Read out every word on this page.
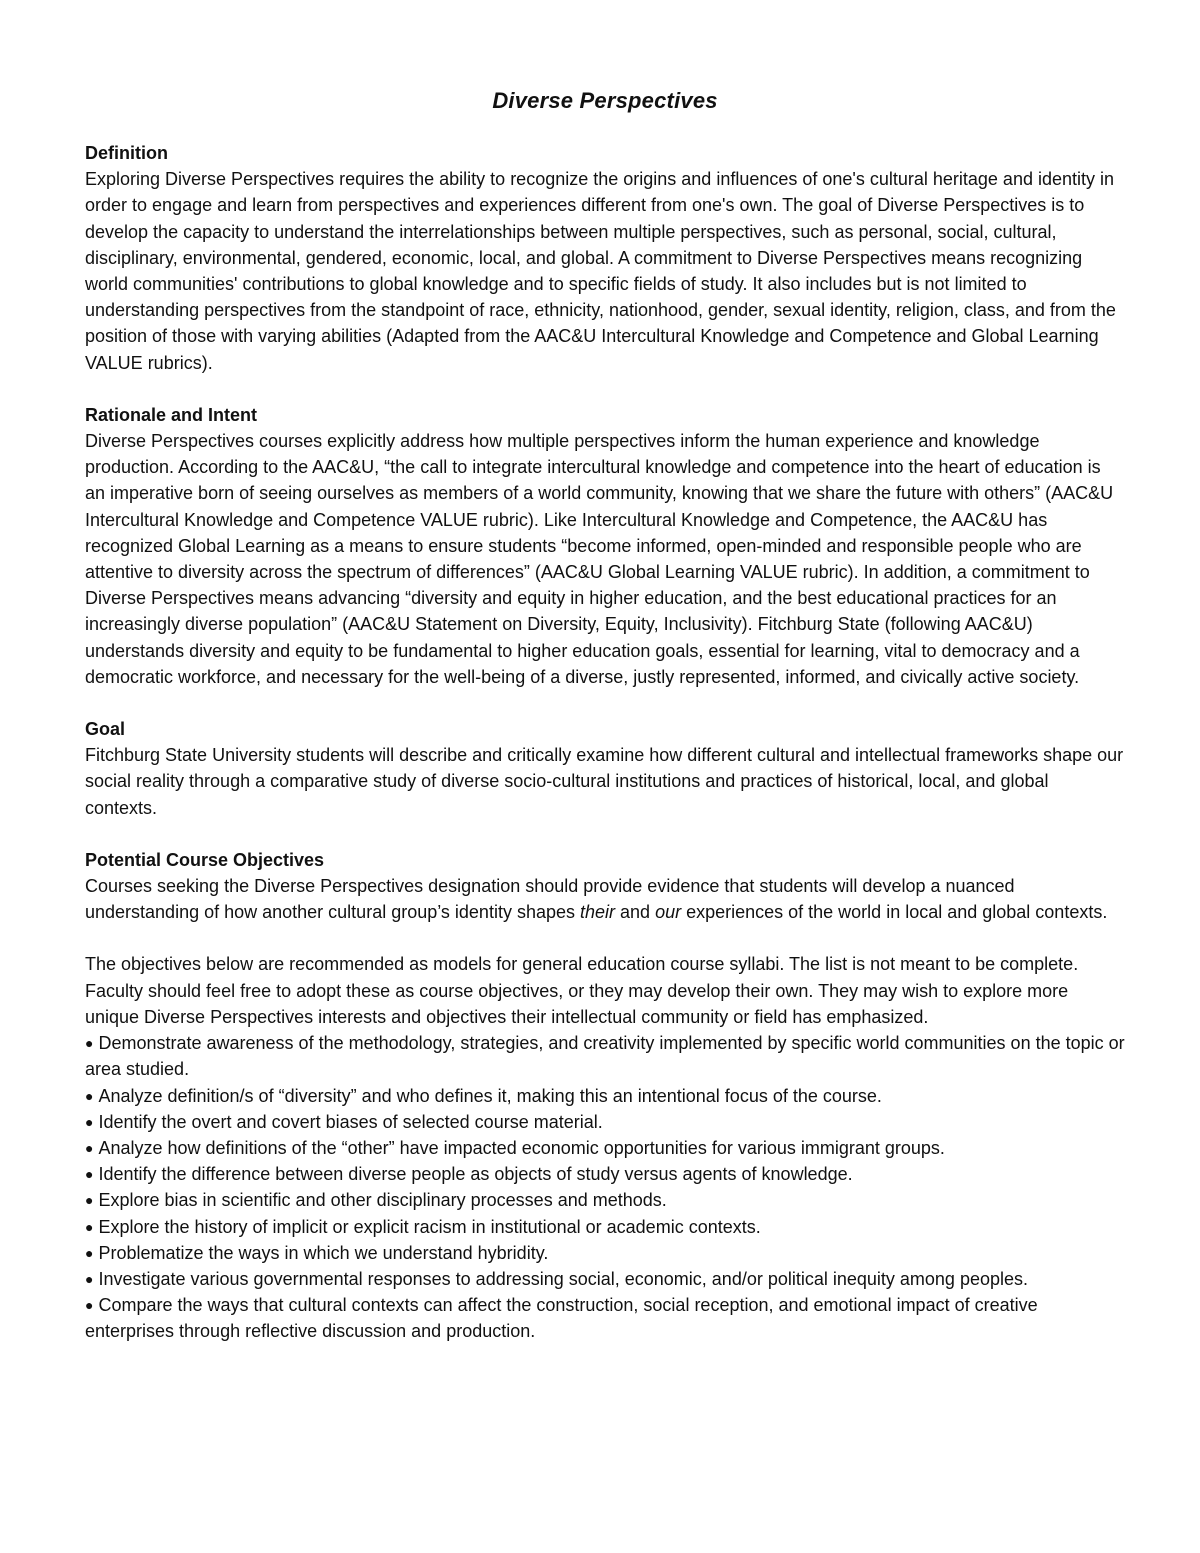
Diverse Perspectives
Definition

Exploring Diverse Perspectives requires the ability to recognize the origins and influences of one's cultural heritage and identity in order to engage and learn from perspectives and experiences different from one's own. The goal of Diverse Perspectives is to develop the capacity to understand the interrelationships between multiple perspectives, such as personal, social, cultural, disciplinary, environmental, gendered, economic, local, and global. A commitment to Diverse Perspectives means recognizing world communities' contributions to global knowledge and to specific fields of study. It also includes but is not limited to understanding perspectives from the standpoint of race, ethnicity, nationhood, gender, sexual identity, religion, class, and from the position of those with varying abilities (Adapted from the AAC&U Intercultural Knowledge and Competence and Global Learning VALUE rubrics).

Rationale and Intent

Diverse Perspectives courses explicitly address how multiple perspectives inform the human experience and knowledge production. According to the AAC&U, “the call to integrate intercultural knowledge and competence into the heart of education is an imperative born of seeing ourselves as members of a world community, knowing that we share the future with others” (AAC&U Intercultural Knowledge and Competence VALUE rubric). Like Intercultural Knowledge and Competence, the AAC&U has recognized Global Learning as a means to ensure students “become informed, open-minded and responsible people who are attentive to diversity across the spectrum of differences” (AAC&U Global Learning VALUE rubric). In addition, a commitment to Diverse Perspectives means advancing “diversity and equity in higher education, and the best educational practices for an increasingly diverse population” (AAC&U Statement on Diversity, Equity, Inclusivity). Fitchburg State (following AAC&U) understands diversity and equity to be fundamental to higher education goals, essential for learning, vital to democracy and a democratic workforce, and necessary for the well-being of a diverse, justly represented, informed, and civically active society.

Goal

Fitchburg State University students will describe and critically examine how different cultural and intellectual frameworks shape our social reality through a comparative study of diverse socio-cultural institutions and practices of historical, local, and global contexts.

Potential Course Objectives

Courses seeking the Diverse Perspectives designation should provide evidence that students will develop a nuanced understanding of how another cultural group’s identity shapes their and our experiences of the world in local and global contexts.

The objectives below are recommended as models for general education course syllabi. The list is not meant to be complete. Faculty should feel free to adopt these as course objectives, or they may develop their own. They may wish to explore more unique Diverse Perspectives interests and objectives their intellectual community or field has emphasized.

● Demonstrate awareness of the methodology, strategies, and creativity implemented by specific world communities on the topic or area studied.
● Analyze definition/s of “diversity” and who defines it, making this an intentional focus of the course.
● Identify the overt and covert biases of selected course material.
● Analyze how definitions of the “other” have impacted economic opportunities for various immigrant groups.
● Identify the difference between diverse people as objects of study versus agents of knowledge.
● Explore bias in scientific and other disciplinary processes and methods.
● Explore the history of implicit or explicit racism in institutional or academic contexts.
● Problematize the ways in which we understand hybridity.
● Investigate various governmental responses to addressing social, economic, and/or political inequity among peoples.
● Compare the ways that cultural contexts can affect the construction, social reception, and emotional impact of creative enterprises through reflective discussion and production.
